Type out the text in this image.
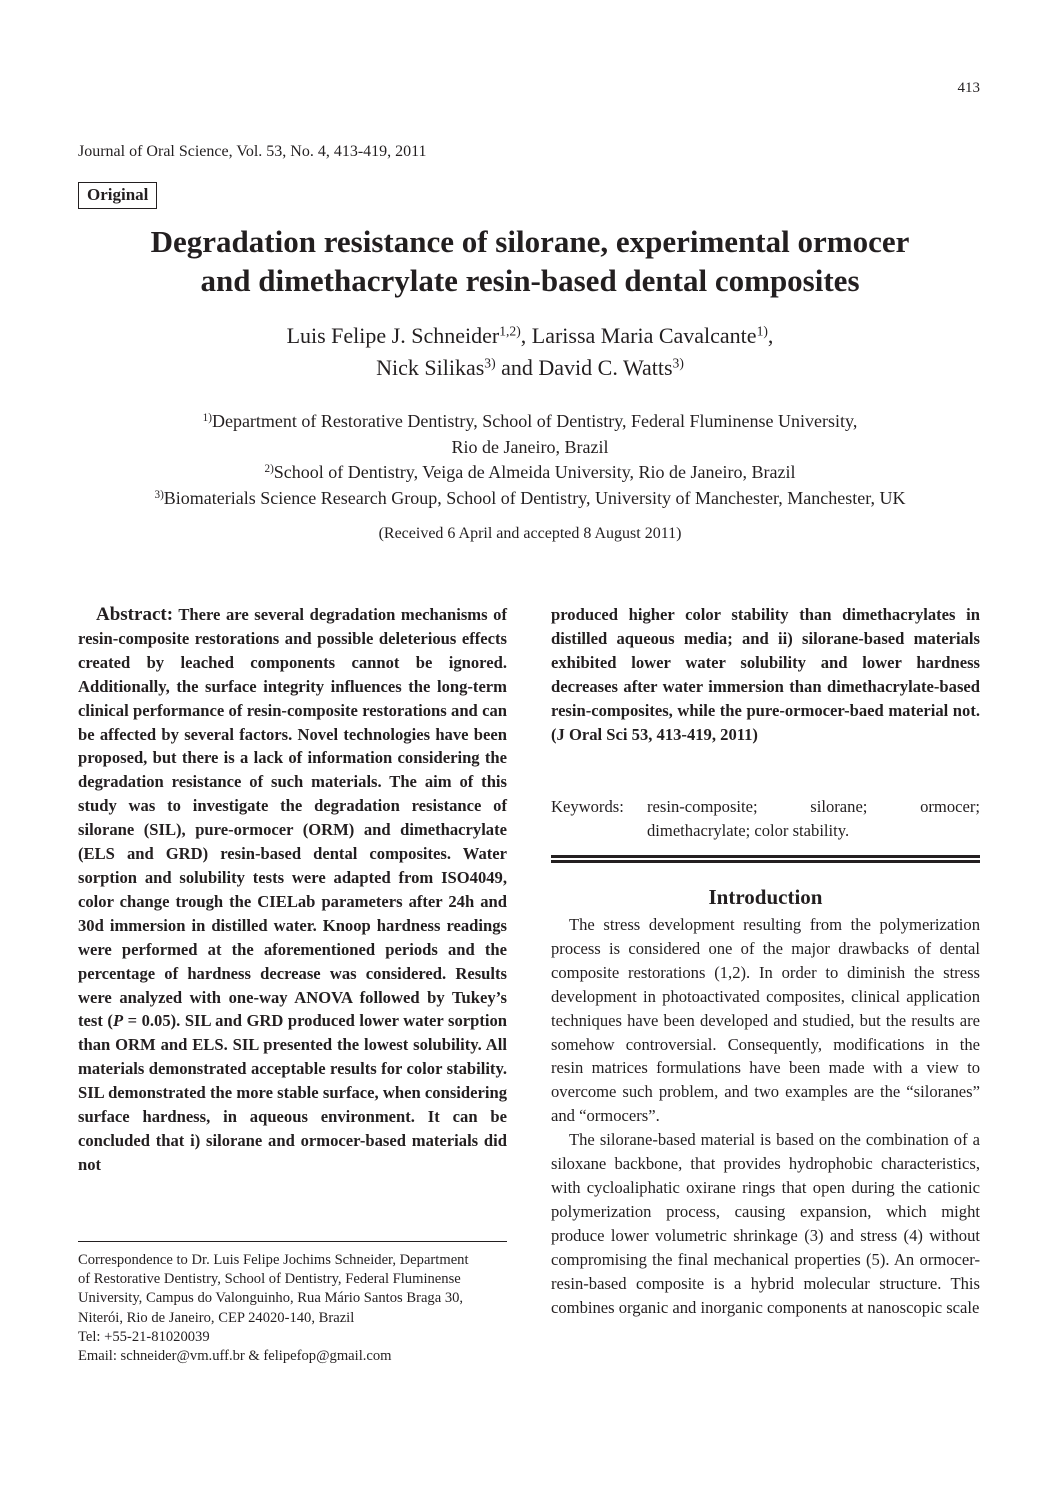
413
Journal of Oral Science, Vol. 53, No. 4, 413-419, 2011
Original
Degradation resistance of silorane, experimental ormocer
and dimethacrylate resin-based dental composites
Luis Felipe J. Schneider$^{1,2)}$, Larissa Maria Cavalcante$^{1)}$,
Nick Silikas$^{3)}$ and David C. Watts$^{3)}$
$^{1)}$Department of Restorative Dentistry, School of Dentistry, Federal Fluminense University,
Rio de Janeiro, Brazil
$^{2)}$School of Dentistry, Veiga de Almeida University, Rio de Janeiro, Brazil
$^{3)}$Biomaterials Science Research Group, School of Dentistry, University of Manchester, Manchester, UK
(Received 6 April and accepted 8 August 2011)
Abstract: There are several degradation mechanisms of resin-composite restorations and possible deleterious effects created by leached components cannot be ignored. Additionally, the surface integrity influences the long-term clinical performance of resin-composite restorations and can be affected by several factors. Novel technologies have been proposed, but there is a lack of information considering the degradation resistance of such materials. The aim of this study was to investigate the degradation resistance of silorane (SIL), pure-ormocer (ORM) and dimethacrylate (ELS and GRD) resin-based dental composites. Water sorption and solubility tests were adapted from ISO4049, color change trough the CIELab parameters after 24h and 30d immersion in distilled water. Knoop hardness readings were performed at the aforementioned periods and the percentage of hardness decrease was considered. Results were analyzed with one-way ANOVA followed by Tukey’s test (P = 0.05). SIL and GRD produced lower water sorption than ORM and ELS. SIL presented the lowest solubility. All materials demonstrated acceptable results for color stability. SIL demonstrated the more stable surface, when considering surface hardness, in aqueous environment. It can be concluded that i) silorane and ormocer-based materials did not
produced higher color stability than dimethacrylates in distilled aqueous media; and ii) silorane-based materials exhibited lower water solubility and lower hardness decreases after water immersion than dimethacrylate-based resin-composites, while the pure-ormocer-baed material not. (J Oral Sci 53, 413-419, 2011)
Keywords: resin-composite; silorane; ormocer; dimethacrylate; color stability.
Introduction

The stress development resulting from the polymerization process is considered one of the major drawbacks of dental composite restorations (1,2). In order to diminish the stress development in photoactivated composites, clinical application techniques have been developed and studied, but the results are somehow controversial. Consequently, modifications in the resin matrices formulations have been made with a view to overcome such problem, and two examples are the “siloranes” and “ormocers”.

The silorane-based material is based on the combination of a siloxane backbone, that provides hydrophobic characteristics, with cycloaliphatic oxirane rings that open during the cationic polymerization process, causing expansion, which might produce lower volumetric shrinkage (3) and stress (4) without compromising the final mechanical properties (5). An ormocer-resin-based composite is a hybrid molecular structure. This combines organic and inorganic components at nanoscopic scale

Correspondence to Dr. Luis Felipe Jochims Schneider, Department
of Restorative Dentistry, School of Dentistry, Federal Fluminense
University, Campus do Valonguinho, Rua Mário Santos Braga 30,
Niterói, Rio de Janeiro, CEP 24020-140, Brazil
Tel: +55-21-81020039
Email: schneider@vm.uff.br & felipefop@gmail.com
